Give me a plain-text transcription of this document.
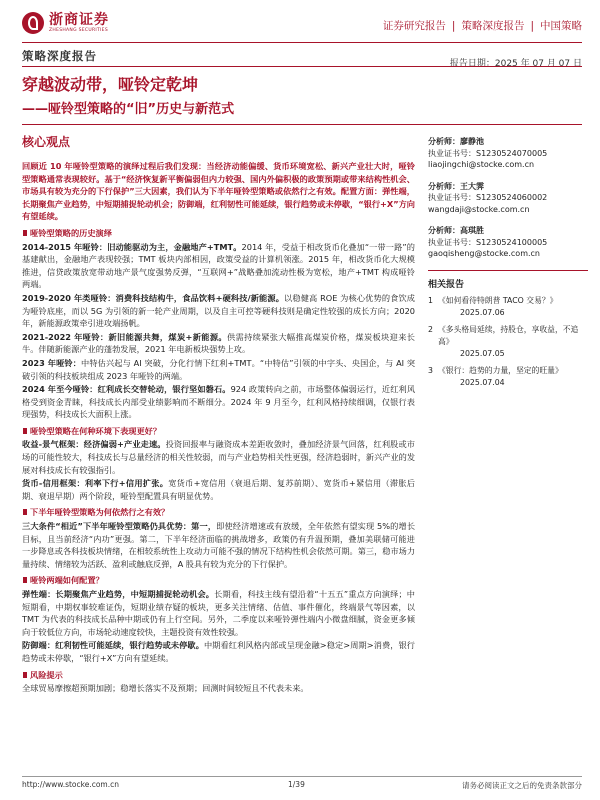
浙商证券
ZHESHANG SECURITIES	证券研究报告 | 策略深度报告 | 中国策略
策略深度报告
报告日期：2025 年 07 月 07 日
穿越波动带，哑铃定乾坤
——哑铃型策略的“旧”历史与新范式

核心观点

回顾近 10 年哑铃型策略的演绎过程后我们发现：当经济动能偏缓、货币环境宽松、新兴产业壮大时，哑铃型策略通常表现较好。基于“经济恢复新平衡偏弱但内力较强、国内外偏积极的政策预期或带来结构性机会、市场具有较为充分的下行保护”三大因素，我们认为下半年哑铃型策略或依然行之有效。配置方面：弹性端，长期聚焦产业趋势，中短期捕捉轮动机会；防御端，红利韧性可能延续，银行趋势或未停歇，“银行+X”方向有望延续。

哑铃型策略的历史演绎

2014-2015 年哑铃：旧动能驱动为主，金融地产+TMT。2014 年，受益于相改货币化叠加“一带一路”的基建献出，金融地产表现较强；TMT 板块内部相因，政策受益的计算机领涨。2015 年，相改货币化大规模推进，信贷政策放宽带动地产景气度强势反弹，“互联网+”战略叠加流动性极为宽松，地产+TMT 构成哑铃两端。

2019-2020 年类哑铃：消费科技结构牛，食品饮料+硬科技/新能源。以稳健高 ROE 为核心优势的食饮成为哑铃底座，而以 5G 为引领的新一轮产业周期，以及自主可控等硬科技则是确定性较强的成长方向；2020 年，新能源政策牵引进攻端扬帆。

2021-2022 年哑铃：新旧能源共舞，煤炭+新能源。供需持续紧张大幅推高煤炭价格，煤炭板块迎来长牛。伴随新能源产业的蓬勃发展，2021 年电新板块强势上攻。

2023 年哑铃：中特估兴起与 AI 突破，分化行情下红利+TMT。“中特估”引领的中字头、央国企，与 AI 突破引领的科技板块组成 2023 年哑铃的两端。

2024 年至今哑铃：红利成长交替轮动，银行坚如磐石。924 政策转向之前，市场整体偏弱运行，近红利风格受到资金青睐，科技成长内部受业绩影响而不断细分。2024 年 9 月至今，红利风格持续细调，仅银行表现强势，科技成长大面积上涨。

哑铃型策略在何种环境下表现更好？

收益-景气框架：经济偏弱+产业走速。投资回报率与融资成本差距收敛时，叠加经济景气回落，红利股或市场的可能性较大，科技成长与总量经济的相关性较弱，而与产业趋势相关性更强，经济趋弱时，新兴产业的发展对科技成长有较强指引。

货币-信用框架：利率下行+信用扩张。宽货币+宽信用（衰退后期、复苏前期）、宽货币+紧信用（滞胀后期、衰退早期）两个阶段，哑铃型配置具有明显优势。

下半年哑铃型策略为何依然行之有效？

三大条件“相近”下半年哑铃型策略仍具优势：第一，即使经济增速或有放缓，全年依然有望实现 5%的增长目标，且当前经济“内功”更强。第二，下半年经济面临的挑战增多，政策仍有升温预期，叠加美联储可能进一步降息或各科技板块情绪，在相较系统性上攻动力可能不强的情况下结构性机会依然可期。第三，稳市场力量持续、情绪较为活跃、盈利或触底反弹，A 股具有较为充分的下行保护。

哑铃两端如何配置？

弹性端：长期聚焦产业趋势，中短期捕捉轮动机会。长期看，科技主线有望沿着“十五五”重点方向演绎；中短期看，中期权事较难证伪，短期业绩存疑的板块，更多关注情绪、估值、事件催化，终端景气等因素，以 TMT 为代表的科技成长品种中期或仍有上行空间。另外，二季度以来哑铃弹性端内小微盘细腻，资金更多倾向于较低位方向，市场轮动速度较快，主题投资有效性较强。

防御端：红利韧性可能延续，银行趋势或未停歇。中期看红利风格内部或呈现金融>稳定>周期>消费，银行趋势或未停歇，“银行+X”方向有望延续。

风险提示

全球贸易摩擦超预期加剧；稳增长落实不及预期；回测时间较短且不代表未来。

分析师：廖静池
执业证书号：S1230524070005
liaojingchi@stocke.com.cn
分析师：王大霁
执业证书号：S1230524060002
wangdaji@stocke.com.cn
分析师：高琪胜
执业证书号：S1230524100005
gaoqisheng@stocke.com.cn
相关报告
1 《如何看待特朗普 TACO 交易？》
2025.07.06
2 《多头格局延续，持股仓，享收益，不追高》
2025.07.05
3 《银行：趋势的力量，坚定的旺量》
2025.07.04
http://www.stocke.com.cn	1/39	请务必阅读正文之后的免责条款部分
